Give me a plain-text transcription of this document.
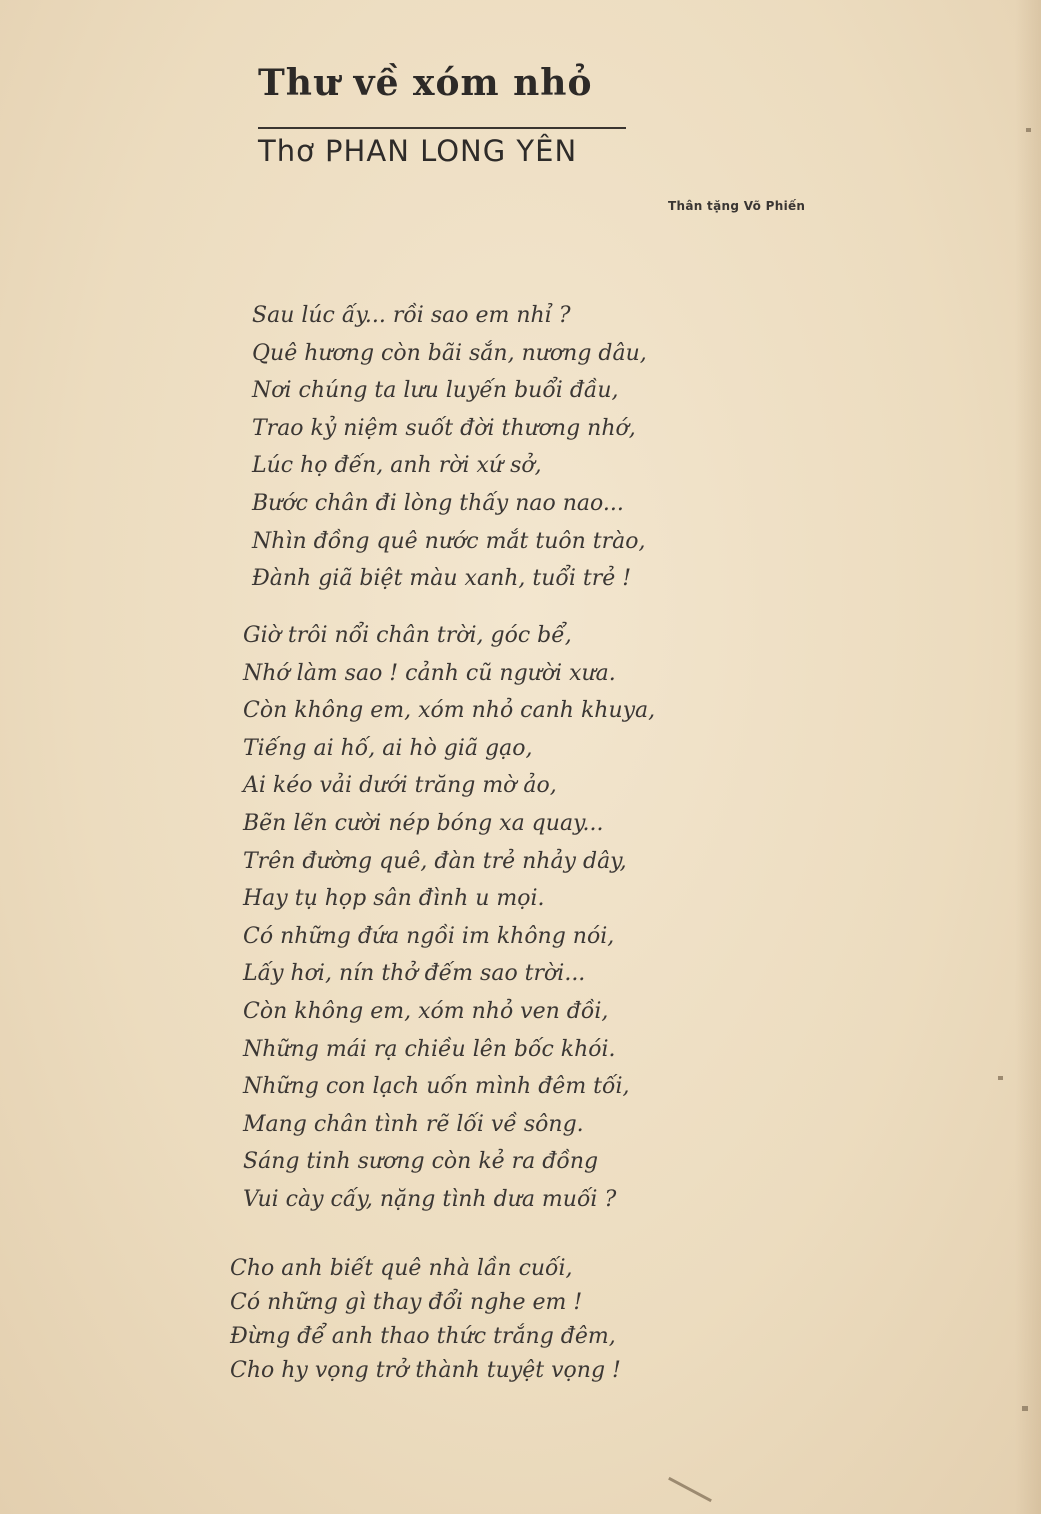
Thư về xóm nhỏ
Thơ PHAN LONG YÊN
Thân tặng Võ Phiến
Sau lúc ấy... rồi sao em nhỉ ?
Quê hương còn bãi sắn, nương dâu,
Nơi chúng ta lưu luyến buổi đầu,
Trao kỷ niệm suốt đời thương nhớ,
Lúc họ đến, anh rời xứ sở,
Bước chân đi lòng thấy nao nao...
Nhìn đồng quê nước mắt tuôn trào,
Đành giã biệt màu xanh, tuổi trẻ !
Giờ trôi nổi chân trời, góc bể,
Nhớ làm sao ! cảnh cũ người xưa.
Còn không em, xóm nhỏ canh khuya,
Tiếng ai hố, ai hò giã gạo,
Ai kéo vải dưới trăng mờ ảo,
Bẽn lẽn cười nép bóng xa quay...
Trên đường quê, đàn trẻ nhảy dây,
Hay tụ họp sân đình u mọi.
Có những đứa ngồi im không nói,
Lấy hơi, nín thở đếm sao trời...
Còn không em, xóm nhỏ ven đồi,
Những mái rạ chiều lên bốc khói.
Những con lạch uốn mình đêm tối,
Mang chân tình rẽ lối về sông.
Sáng tinh sương còn kẻ ra đồng
Vui cày cấy, nặng tình dưa muối ?
Cho anh biết quê nhà lần cuối,
Có những gì thay đổi nghe em !
Đừng để anh thao thức trắng đêm,
Cho hy vọng trở thành tuyệt vọng !
